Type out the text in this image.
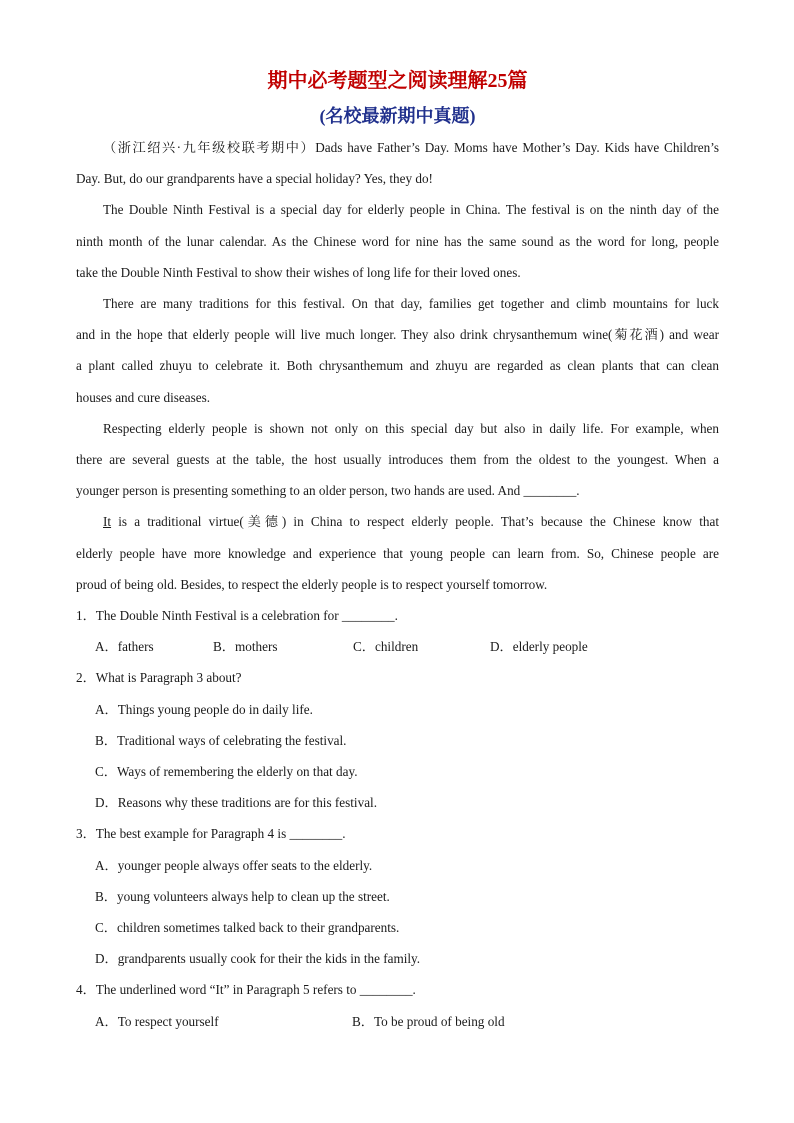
期中必考题型之阅读理解25篇
(名校最新期中真题)

（浙江绍兴·九年级校联考期中）Dads have Father’s Day. Moms have Mother’s Day. Kids have Children’s

Day. But, do our grandparents have a special holiday? Yes, they do!

The Double Ninth Festival is a special day for elderly people in China. The festival is on the ninth day of the

ninth month of the lunar calendar. As the Chinese word for nine has the same sound as the word for long, people

take the Double Ninth Festival to show their wishes of long life for their loved ones.

There are many traditions for this festival. On that day, families get together and climb mountains for luck

and in the hope that elderly people will live much longer. They also drink chrysanthemum wine(菊花酒) and wear

a plant called zhuyu to celebrate it. Both chrysanthemum and zhuyu are regarded as clean plants that can clean

houses and cure diseases.

Respecting elderly people is shown not only on this special day but also in daily life. For example, when

there are several guests at the table, the host usually introduces them from the oldest to the youngest. When a

younger person is presenting something to an older person, two hands are used. And ________.

It is a traditional virtue(美德) in China to respect elderly people. That’s because the Chinese know that

elderly people have more knowledge and experience that young people can learn from. So, Chinese people are

proud of being old. Besides, to respect the elderly people is to respect yourself tomorrow.

1．The Double Ninth Festival is a celebration for ________.

A．fathers	B．mothers	C．children	D．elderly people

2．What is Paragraph 3 about?

A．Things young people do in daily life.

B．Traditional ways of celebrating the festival.

C．Ways of remembering the elderly on that day.

D．Reasons why these traditions are for this festival.

3．The best example for Paragraph 4 is ________.

A．younger people always offer seats to the elderly.

B．young volunteers always help to clean up the street.

C．children sometimes talked back to their grandparents.

D．grandparents usually cook for their the kids in the family.

4．The underlined word “It” in Paragraph 5 refers to ________.

A．To respect yourself	B．To be proud of being old
